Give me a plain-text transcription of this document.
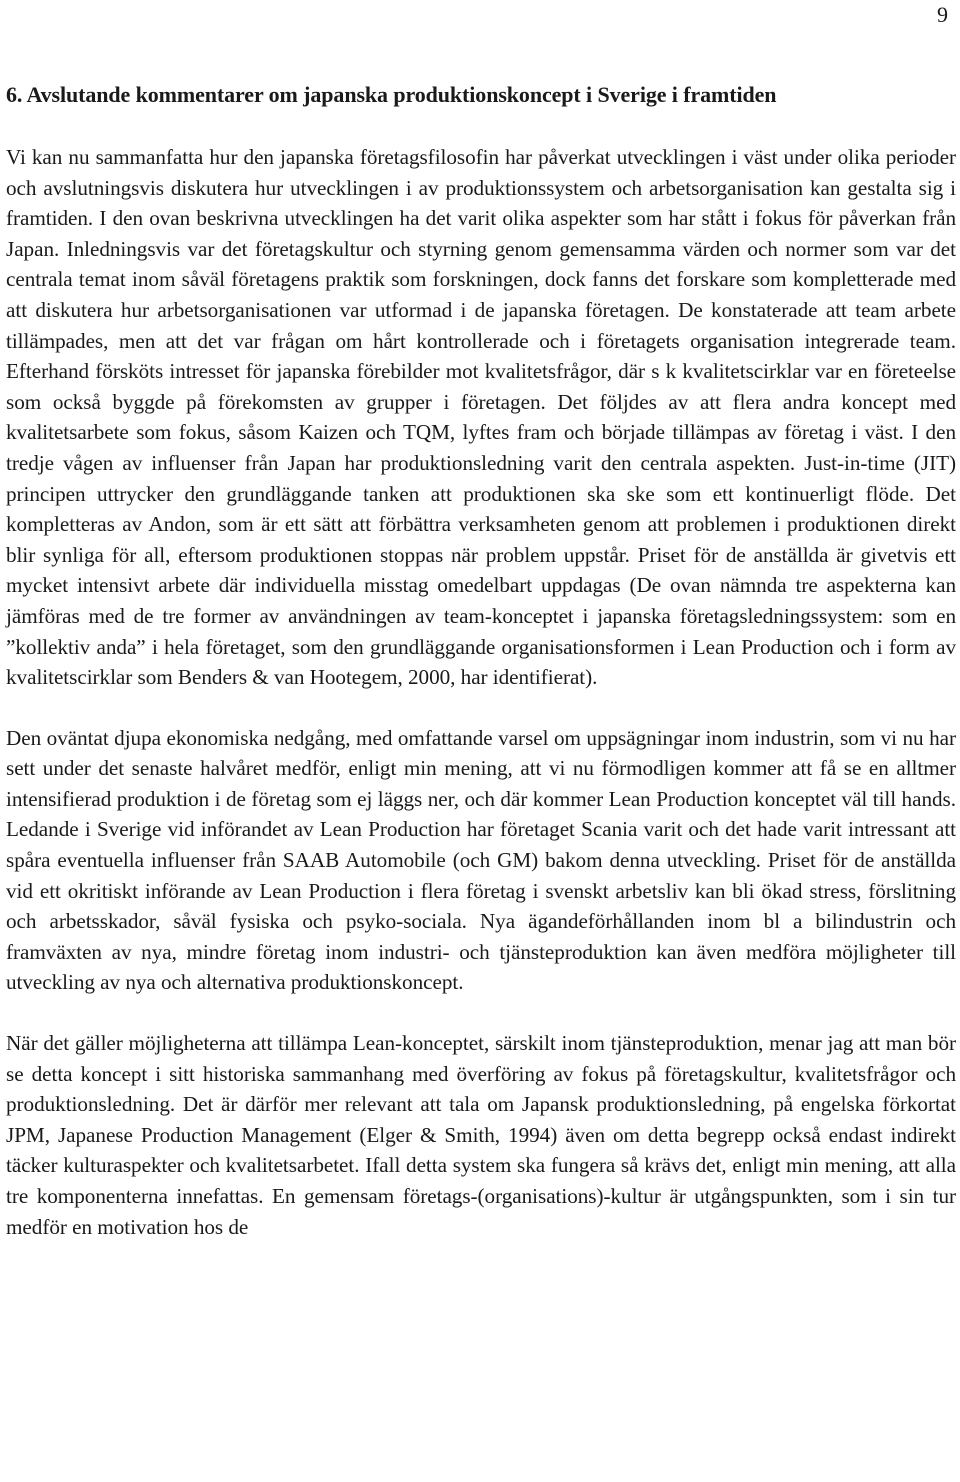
9
6. Avslutande kommentarer om japanska produktionskoncept i Sverige i framtiden

Vi kan nu sammanfatta hur den japanska företagsfilosofin har påverkat utvecklingen i väst under olika perioder och avslutningsvis diskutera hur utvecklingen i av produktionssystem och arbetsorganisation kan gestalta sig i framtiden. I den ovan beskrivna utvecklingen ha det varit olika aspekter som har stått i fokus för påverkan från Japan. Inledningsvis var det företagskultur och styrning genom gemensamma värden och normer som var det centrala temat inom såväl företagens praktik som forskningen, dock fanns det forskare som kompletterade med att diskutera hur arbetsorganisationen var utformad i de japanska företagen. De konstaterade att team arbete tillämpades, men att det var frågan om hårt kontrollerade och i företagets organisation integrerade team. Efterhand försköts intresset för japanska förebilder mot kvalitetsfrågor, där s k kvalitetscirklar var en företeelse som också byggde på förekomsten av grupper i företagen. Det följdes av att flera andra koncept med kvalitetsarbete som fokus, såsom Kaizen och TQM, lyftes fram och började tillämpas av företag i väst. I den tredje vågen av influenser från Japan har produktionsledning varit den centrala aspekten. Just-in-time (JIT) principen uttrycker den grundläggande tanken att produktionen ska ske som ett kontinuerligt flöde. Det kompletteras av Andon, som är ett sätt att förbättra verksamheten genom att problemen i produktionen direkt blir synliga för all, eftersom produktionen stoppas när problem uppstår. Priset för de anställda är givetvis ett mycket intensivt arbete där individuella misstag omedelbart uppdagas (De ovan nämnda tre aspekterna kan jämföras med de tre former av användningen av team-konceptet i japanska företagsledningssystem: som en ”kollektiv anda” i hela företaget, som den grundläggande organisationsformen i Lean Production och i form av kvalitetscirklar som Benders & van Hootegem, 2000, har identifierat).

Den oväntat djupa ekonomiska nedgång, med omfattande varsel om uppsägningar inom industrin, som vi nu har sett under det senaste halvåret medför, enligt min mening, att vi nu förmodligen kommer att få se en alltmer intensifierad produktion i de företag som ej läggs ner, och där kommer Lean Production konceptet väl till hands. Ledande i Sverige vid införandet av Lean Production har företaget Scania varit och det hade varit intressant att spåra eventuella influenser från SAAB Automobile (och GM) bakom denna utveckling. Priset för de anställda vid ett okritiskt införande av Lean Production i flera företag i svenskt arbetsliv kan bli ökad stress, förslitning och arbetsskador, såväl fysiska och psyko-sociala. Nya ägandeförhållanden inom bl a bilindustrin och framväxten av nya, mindre företag inom industri- och tjänsteproduktion kan även medföra möjligheter till utveckling av nya och alternativa produktionskoncept.

När det gäller möjligheterna att tillämpa Lean-konceptet, särskilt inom tjänsteproduktion, menar jag att man bör se detta koncept i sitt historiska sammanhang med överföring av fokus på företagskultur, kvalitetsfrågor och produktionsledning. Det är därför mer relevant att tala om Japansk produktionsledning, på engelska förkortat JPM, Japanese Production Management (Elger & Smith, 1994) även om detta begrepp också endast indirekt täcker kulturaspekter och kvalitetsarbetet. Ifall detta system ska fungera så krävs det, enligt min mening, att alla tre komponenterna innefattas. En gemensam företags-(organisations)-kultur är utgångspunkten, som i sin tur medför en motivation hos de
